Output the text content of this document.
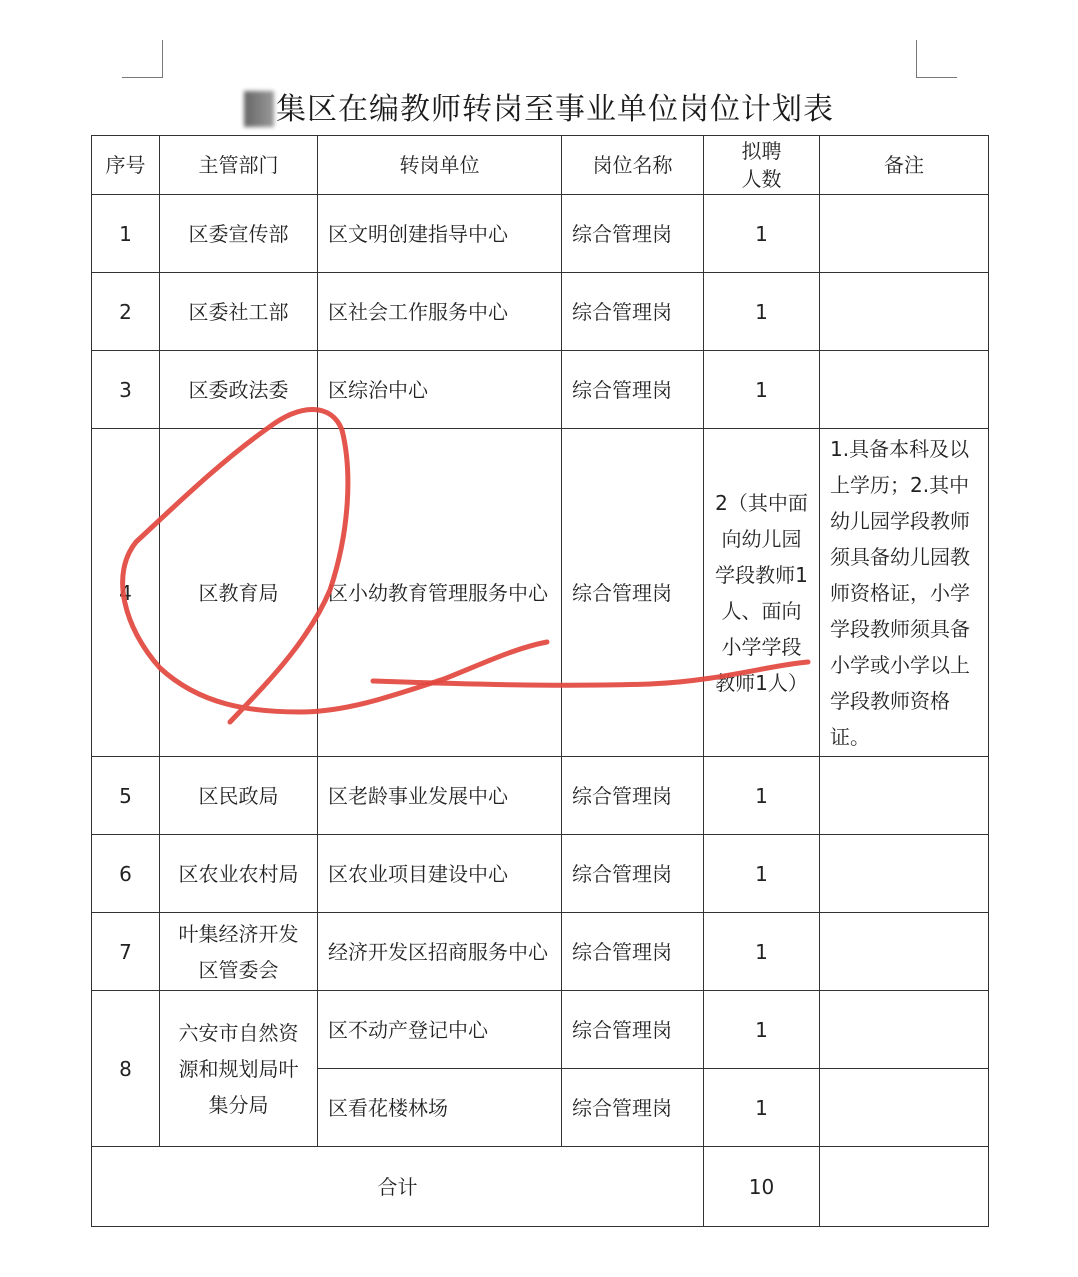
集区在编教师转岗至事业单位岗位计划表
序号	主管部门	转岗单位	岗位名称	拟聘人数	备注
1	区委宣传部	区文明创建指导中心	综合管理岗	1	
2	区委社工部	区社会工作服务中心	综合管理岗	1	
3	区委政法委	区综治中心	综合管理岗	1	
4	区教育局	区小幼教育管理服务中心	综合管理岗	2（其中面向幼儿园学段教师1人、面向小学学段教师1人）	1.具备本科及以上学历；2.其中幼儿园学段教师须具备幼儿园教师资格证，小学学段教师须具备小学或小学以上学段教师资格证。
5	区民政局	区老龄事业发展中心	综合管理岗	1	
6	区农业农村局	区农业项目建设中心	综合管理岗	1	
7	叶集经济开发区管委会	经济开发区招商服务中心	综合管理岗	1	
8	六安市自然资源和规划局叶集分局	区不动产登记中心	综合管理岗	1	
		区看花楼林场	综合管理岗	1	
合计				10	
